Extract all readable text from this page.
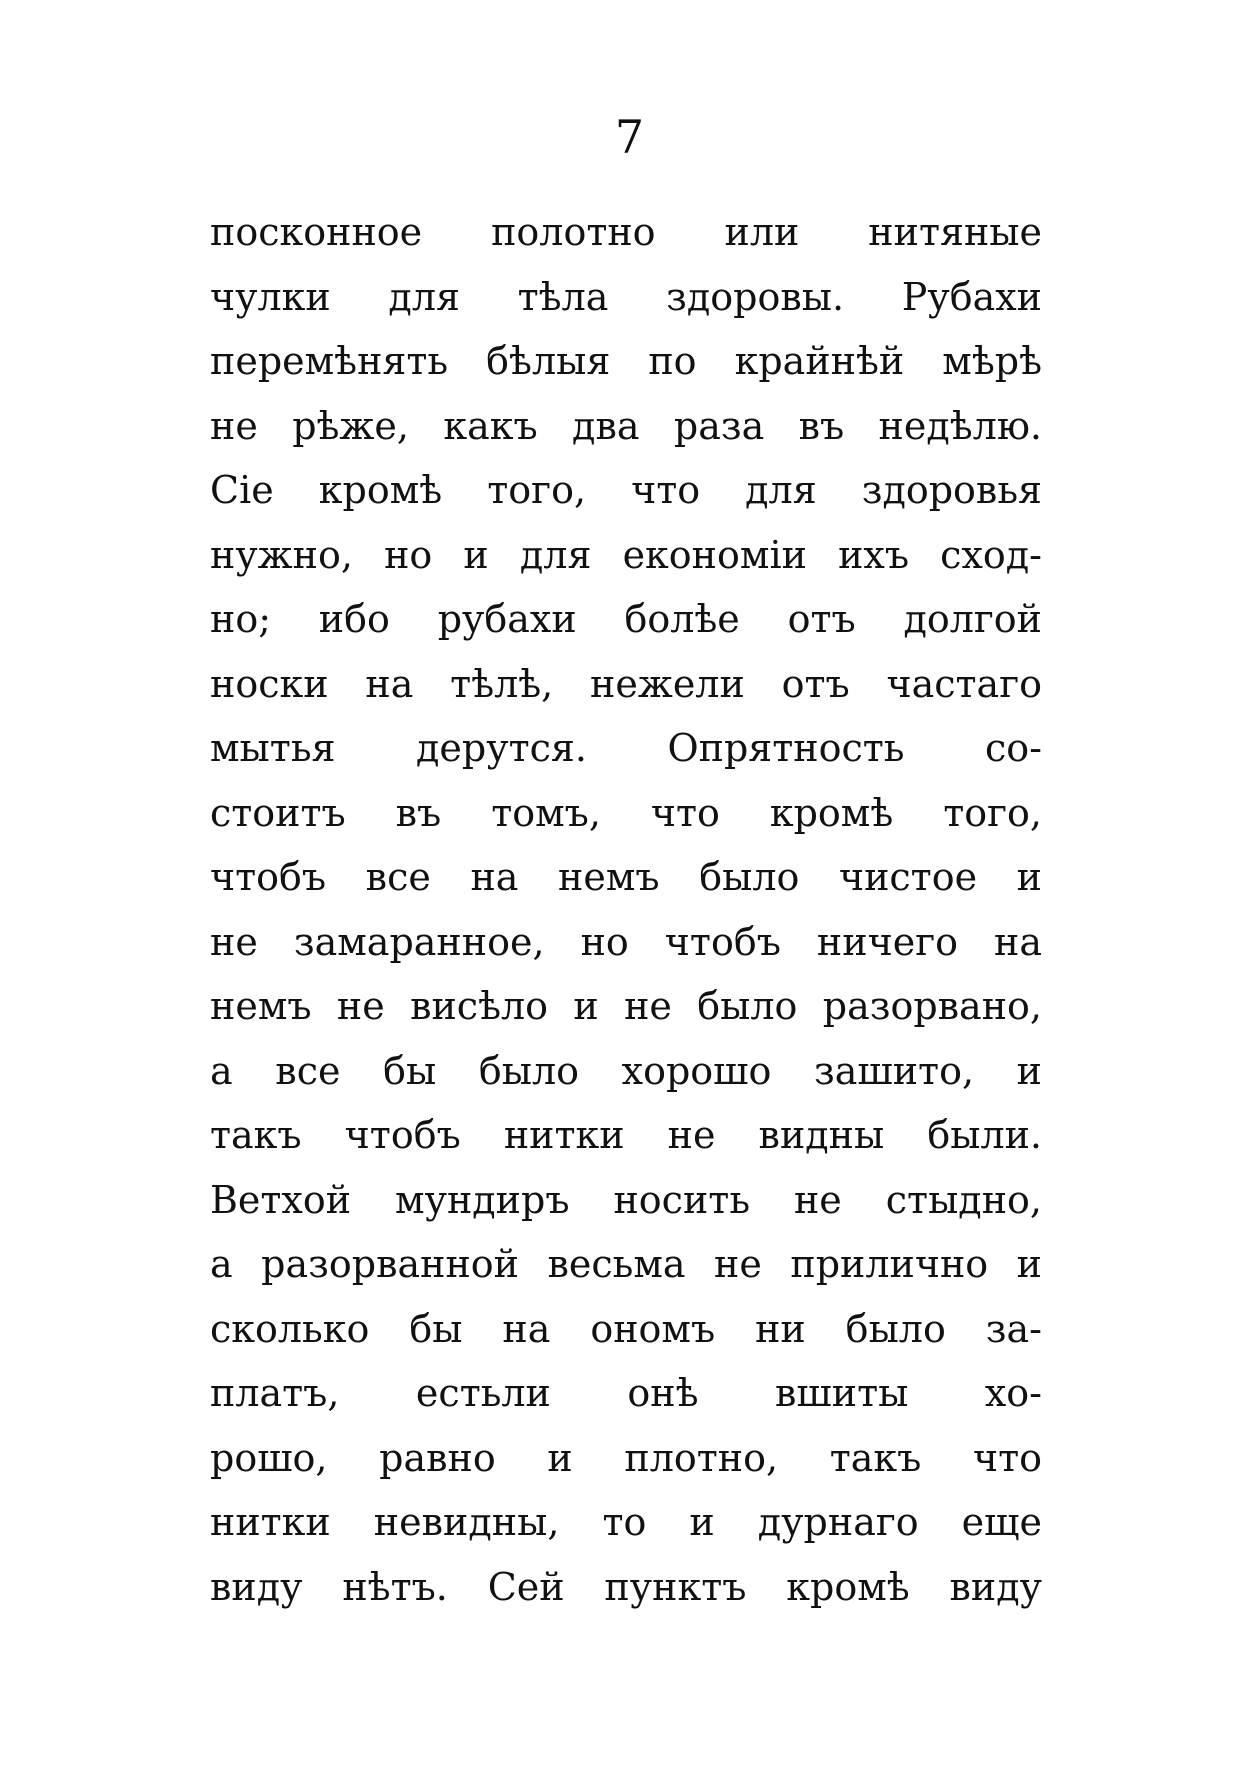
7
посконное полотно или нитяные
чулки для тѣла здоровы. Рубахи
перемѣнять бѣлыя по крайнѣй мѣрѣ
не рѣже, какъ два раза въ недѣлю.
Сіе кромѣ того, что для здоровья
нужно, но и для економіи ихъ сход-
но; ибо рубахи болѣе отъ долгой
носки на тѣлѣ, нежели отъ частаго
мытья дерутся. Опрятность со-
стоитъ въ томъ, что кромѣ того,
чтобъ все на немъ было чистое и
не замаранное, но чтобъ ничего на
немъ не висѣло и не было разорвано,
а все бы было хорошо зашито, и
такъ чтобъ нитки не видны были.
Ветхой мундиръ носить не стыдно,
а разорванной весьма не прилично и
сколько бы на ономъ ни было за-
платъ, естьли онѣ вшиты хо-
рошо, равно и плотно, такъ что
нитки невидны, то и дурнаго еще
виду нѣтъ. Сей пунктъ кромѣ виду
